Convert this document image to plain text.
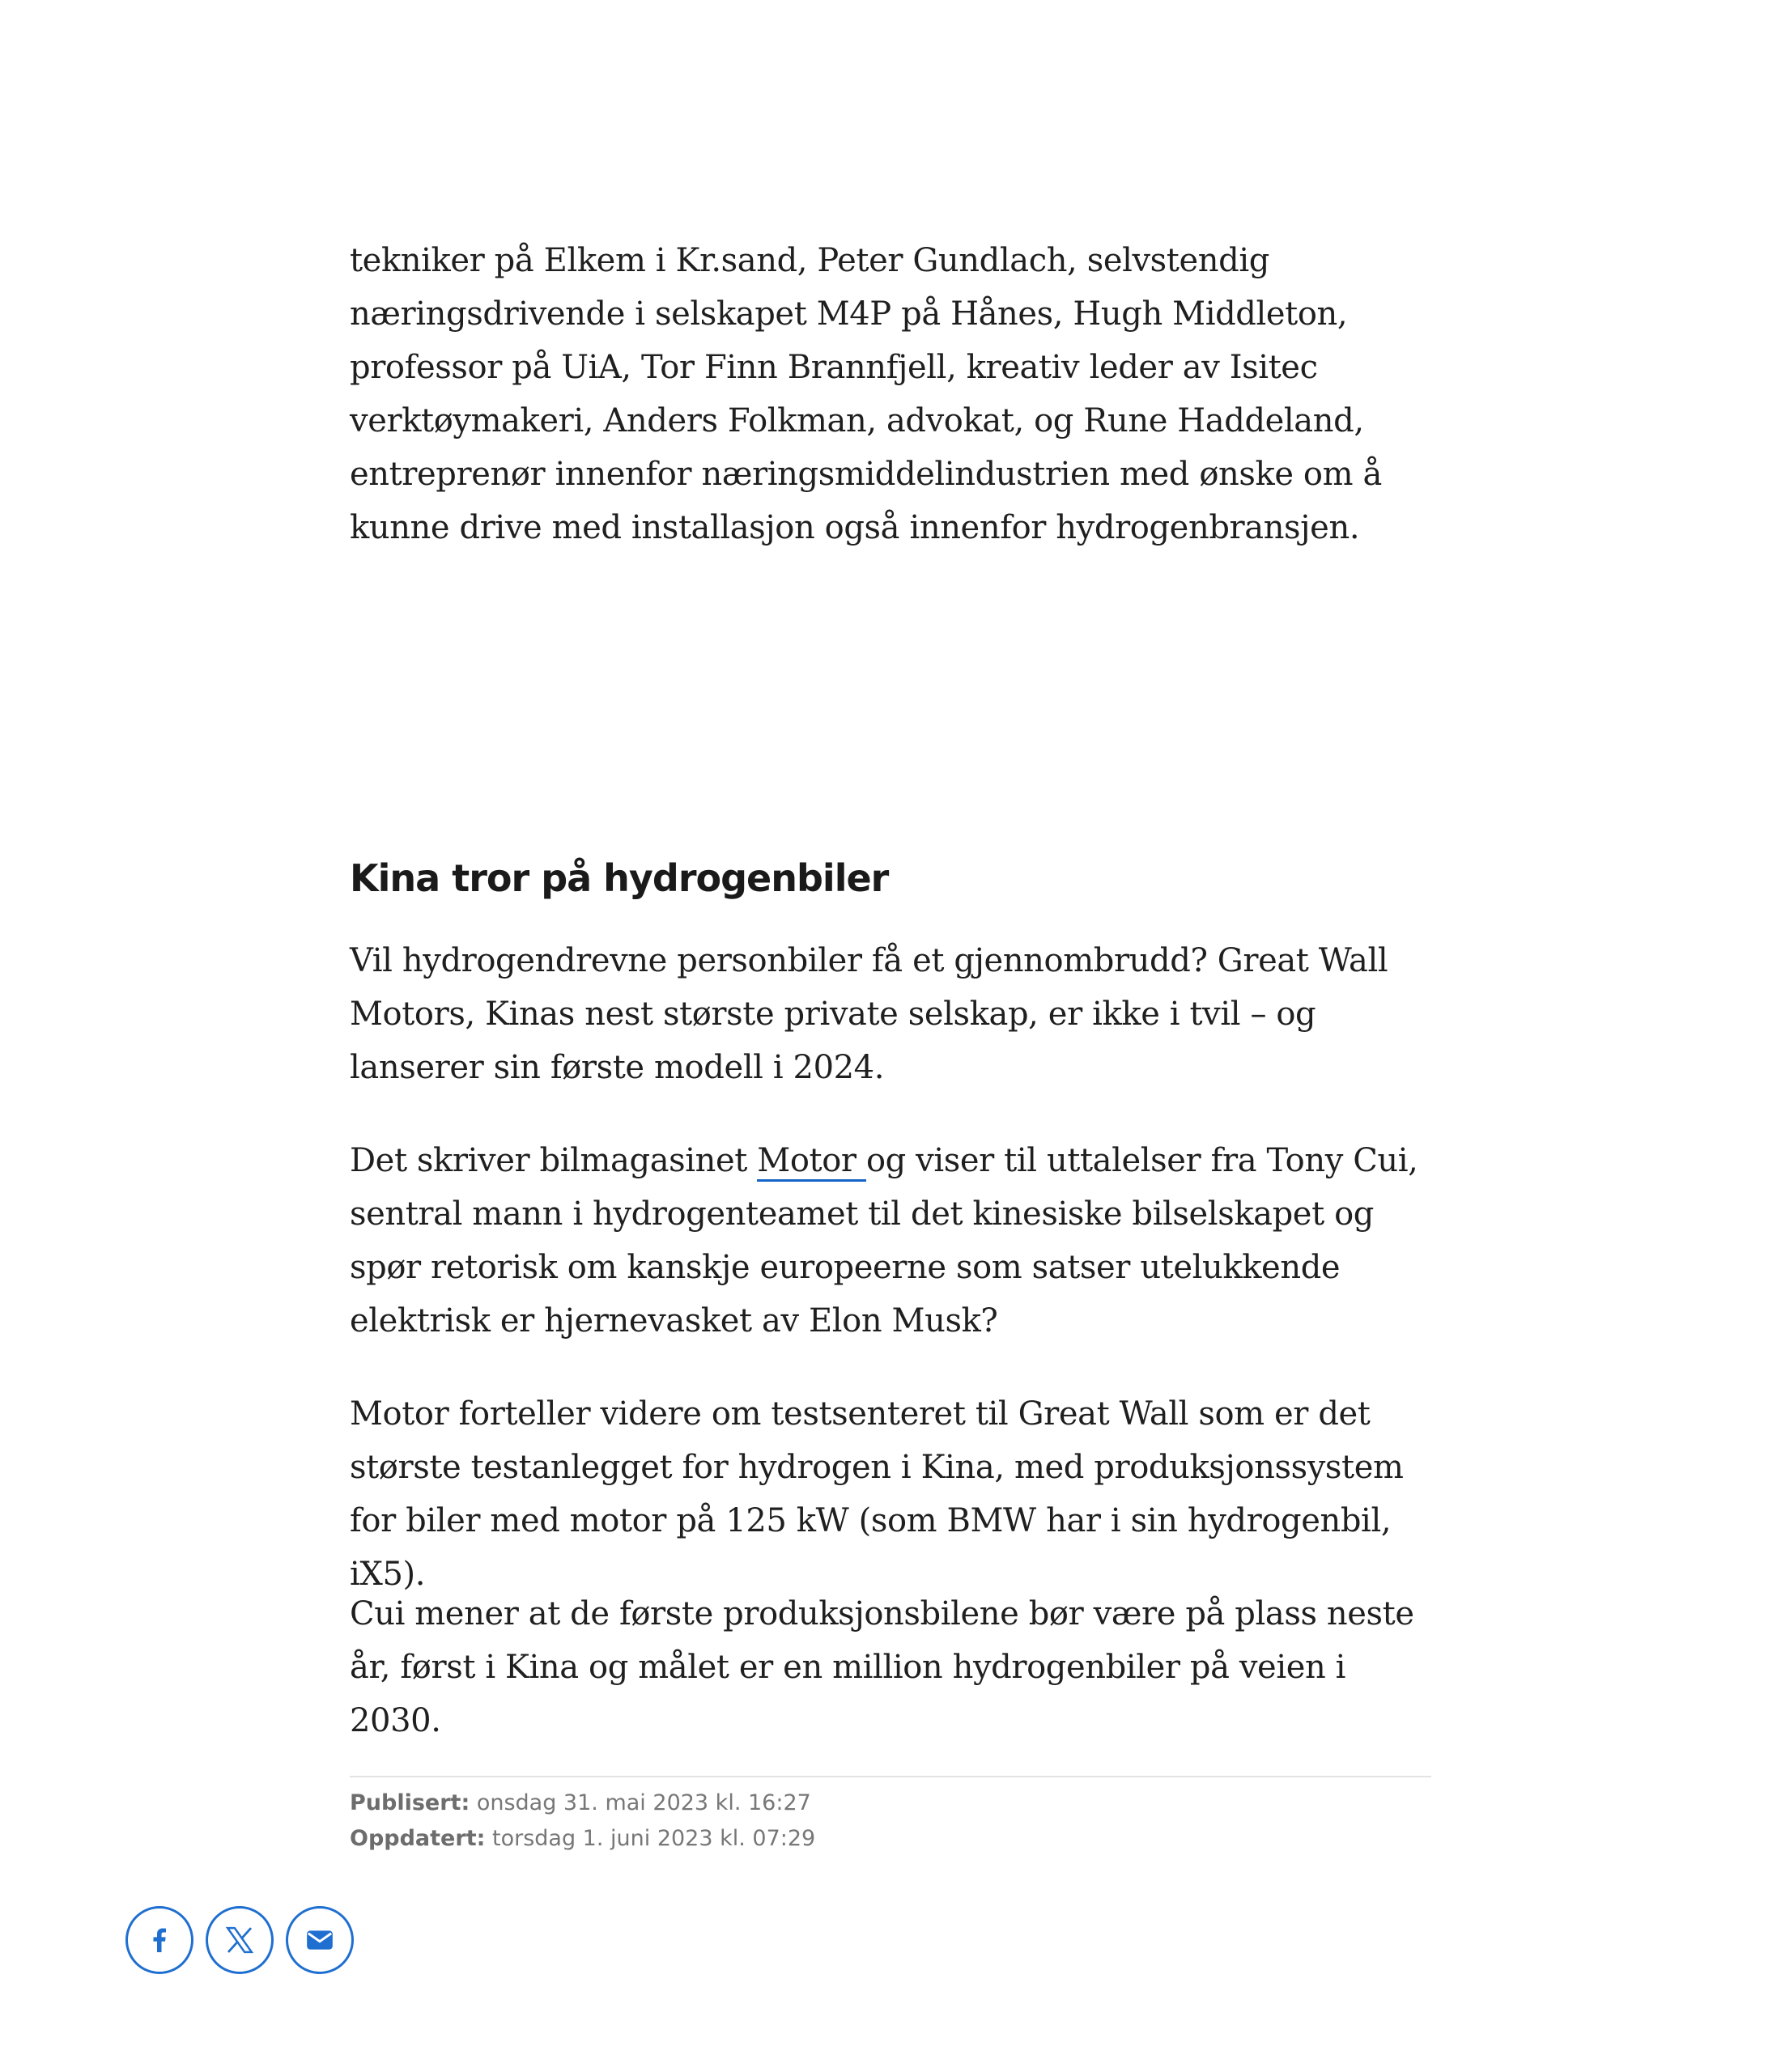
tekniker på Elkem i Kr.sand, Peter Gundlach, selvstendig næringsdrivende i selskapet M4P på Hånes, Hugh Middleton, professor på UiA, Tor Finn Brannfjell, kreativ leder av Isitec verktøymakeri, Anders Folkman, advokat, og Rune Haddeland, entreprenør innenfor næringsmiddelindustrien med ønske om å kunne drive med installasjon også innenfor hydrogenbransjen.

Kina tror på hydrogenbiler

Vil hydrogendrevne personbiler få et gjennombrudd? Great Wall Motors, Kinas nest største private selskap, er ikke i tvil – og lanserer sin første modell i 2024.

Det skriver bilmagasinet Motor og viser til uttalelser fra Tony Cui, sentral mann i hydrogenteamet til det kinesiske bilselskapet og spør retorisk om kanskje europeerne som satser utelukkende elektrisk er hjernevasket av Elon Musk?

Motor forteller videre om testsenteret til Great Wall som er det største testanlegget for hydrogen i Kina, med produksjonssystem for biler med motor på 125 kW (som BMW har i sin hydrogenbil, iX5).

Cui mener at de første produksjonsbilene bør være på plass neste år, først i Kina og målet er en million hydrogenbiler på veien i 2030.

Publisert: onsdag 31. mai 2023 kl. 16:27

Oppdatert: torsdag 1. juni 2023 kl. 07:29
